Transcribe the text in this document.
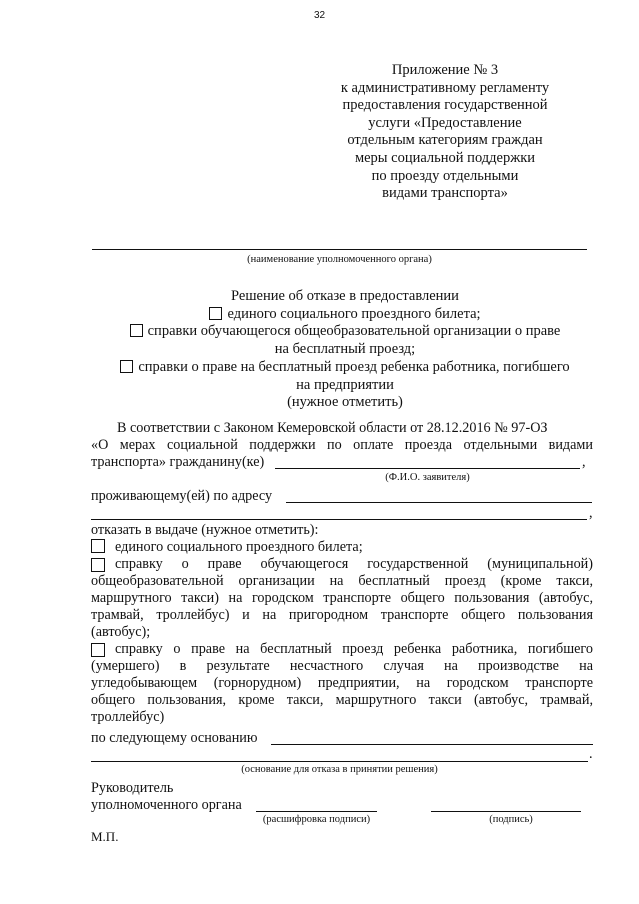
32
Приложение № 3
к административному регламенту
предоставления государственной
услуги «Предоставление
отдельным категориям граждан
меры социальной поддержки
по проезду отдельными
видами транспорта»
(наименование уполномоченного органа)
Решение об отказе в предоставлении
единого социального проездного билета;
справки обучающегося общеобразовательной организации о праве
на бесплатный проезд;
справки о праве на бесплатный проезд ребенка работника, погибшего
на предприятии
(нужное отметить)
В соответствии с Законом Кемеровской области от 28.12.2016 № 97-ОЗ
«О мерах социальной поддержки по оплате проезда отдельными видами
транспорта» гражданину(ке)	,
(Ф.И.О. заявителя)
проживающему(ей) по адресу
,
отказать в выдаче (нужное отметить):
единого социального проездного билета;
справку о праве обучающегося государственной (муниципальной)
общеобразовательной организации на бесплатный проезд (кроме такси,
маршрутного такси) на городском транспорте общего пользования (автобус,
трамвай, троллейбус) и на пригородном транспорте общего пользования
(автобус);
справку о праве на бесплатный проезд ребенка работника, погибшего
(умершего) в результате несчастного случая на производстве на
угледобывающем (горнорудном) предприятии, на городском транспорте
общего пользования, кроме такси, маршрутного такси (автобус, трамвай,
троллейбус)
по следующему основанию
.
(основание для отказа в принятии решения)
Руководитель
уполномоченного органа
(расшифровка подписи)	(подпись)
М.П.
